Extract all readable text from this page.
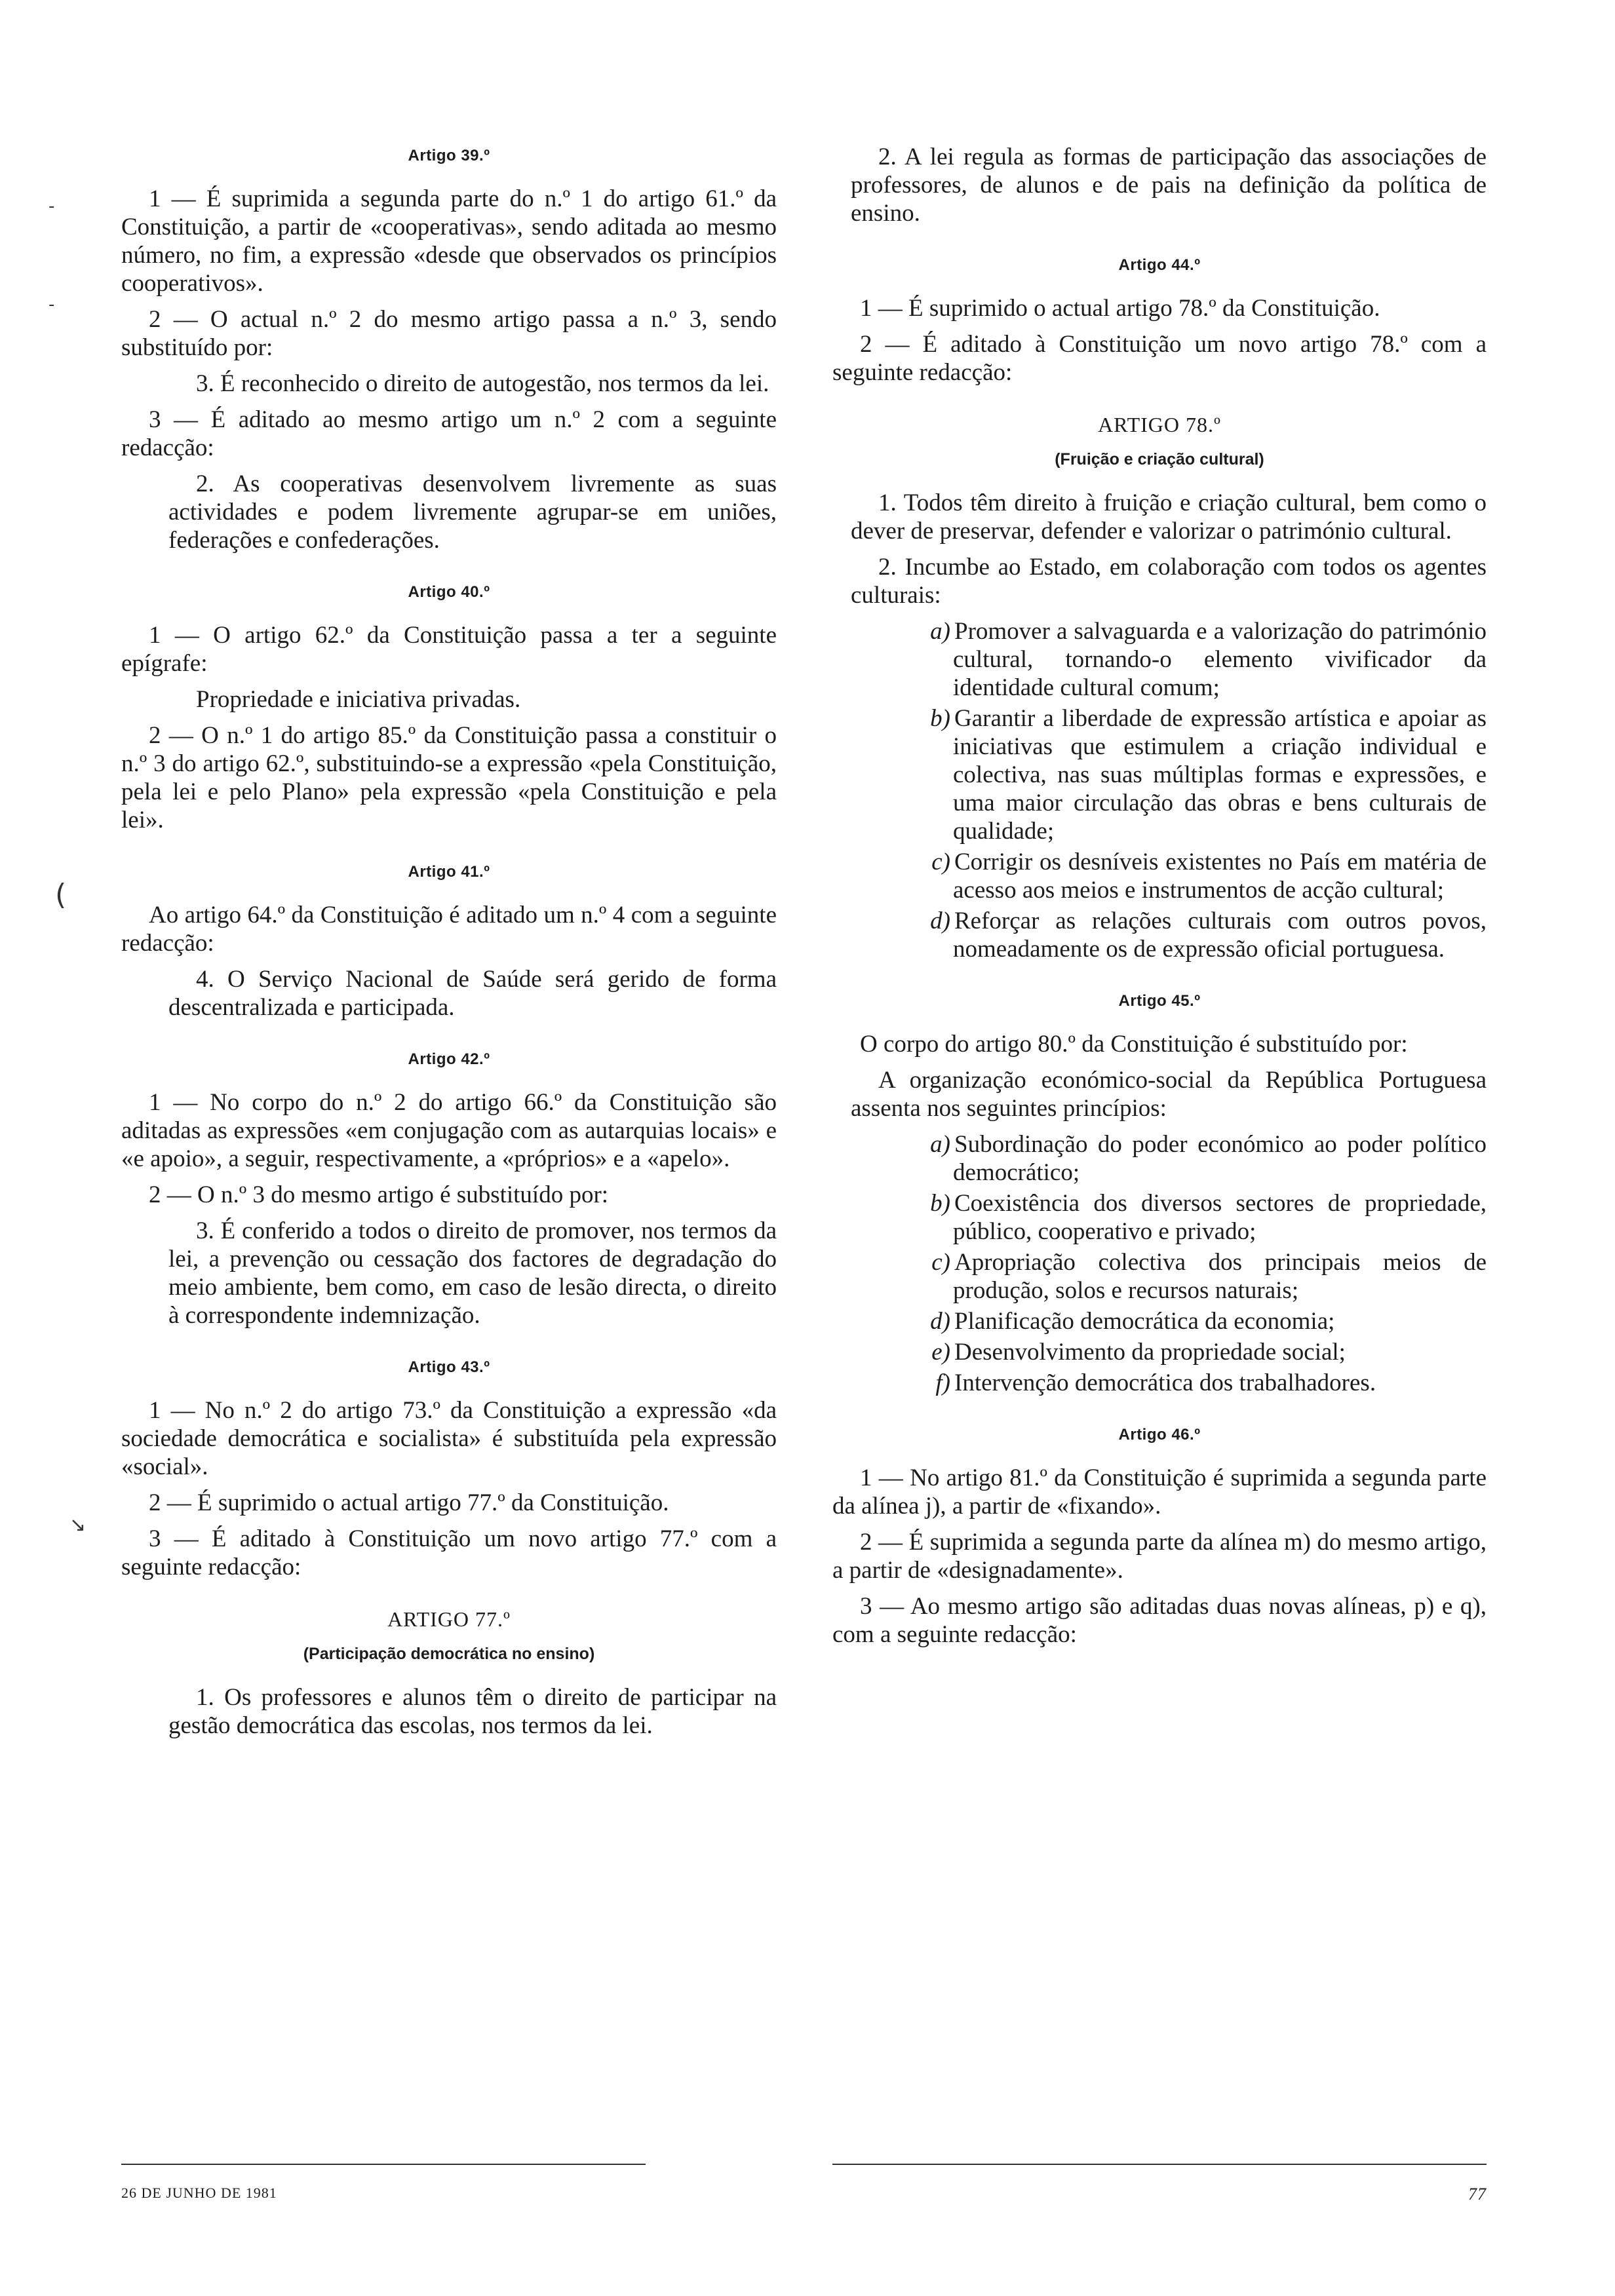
Artigo 39.º

1 — É suprimida a segunda parte do n.º 1 do artigo 61.º da Constituição, a partir de «cooperativas», sendo aditada ao mesmo número, no fim, a expressão «desde que observados os princípios cooperativos».

2 — O actual n.º 2 do mesmo artigo passa a n.º 3, sendo substituído por:

3. É reconhecido o direito de autogestão, nos termos da lei.

3 — É aditado ao mesmo artigo um n.º 2 com a seguinte redacção:

2. As cooperativas desenvolvem livremente as suas actividades e podem livremente agrupar-se em uniões, federações e confederações.

Artigo 40.º

1 — O artigo 62.º da Constituição passa a ter a seguinte epígrafe:

Propriedade e iniciativa privadas.

2 — O n.º 1 do artigo 85.º da Constituição passa a constituir o n.º 3 do artigo 62.º, substituindo-se a expressão «pela Constituição, pela lei e pelo Plano» pela expressão «pela Constituição e pela lei».

Artigo 41.º

Ao artigo 64.º da Constituição é aditado um n.º 4 com a seguinte redacção:

4. O Serviço Nacional de Saúde será gerido de forma descentralizada e participada.

Artigo 42.º

1 — No corpo do n.º 2 do artigo 66.º da Constituição são aditadas as expressões «em conjugação com as autarquias locais» e «e apoio», a seguir, respectivamente, a «próprios» e a «apelo».

2 — O n.º 3 do mesmo artigo é substituído por:

3. É conferido a todos o direito de promover, nos termos da lei, a prevenção ou cessação dos factores de degradação do meio ambiente, bem como, em caso de lesão directa, o direito à correspondente indemnização.

Artigo 43.º

1 — No n.º 2 do artigo 73.º da Constituição a expressão «da sociedade democrática e socialista» é substituída pela expressão «social».

2 — É suprimido o actual artigo 77.º da Constituição.

3 — É aditado à Constituição um novo artigo 77.º com a seguinte redacção:

ARTIGO 77.º
(Participação democrática no ensino)

1. Os professores e alunos têm o direito de participar na gestão democrática das escolas, nos termos da lei.

2. A lei regula as formas de participação das associações de professores, de alunos e de pais na definição da política de ensino.

Artigo 44.º

1 — É suprimido o actual artigo 78.º da Constituição.

2 — É aditado à Constituição um novo artigo 78.º com a seguinte redacção:

ARTIGO 78.º
(Fruição e criação cultural)

1. Todos têm direito à fruição e criação cultural, bem como o dever de preservar, defender e valorizar o património cultural.

2. Incumbe ao Estado, em colaboração com todos os agentes culturais:

a) Promover a salvaguarda e a valorização do património cultural, tornando-o elemento vivificador da identidade cultural comum;

b) Garantir a liberdade de expressão artística e apoiar as iniciativas que estimulem a criação individual e colectiva, nas suas múltiplas formas e expressões, e uma maior circulação das obras e bens culturais de qualidade;

c) Corrigir os desníveis existentes no País em matéria de acesso aos meios e instrumentos de acção cultural;

d) Reforçar as relações culturais com outros povos, nomeadamente os de expressão oficial portuguesa.

Artigo 45.º

O corpo do artigo 80.º da Constituição é substituído por:

A organização económico-social da República Portuguesa assenta nos seguintes princípios:

a) Subordinação do poder económico ao poder político democrático;

b) Coexistência dos diversos sectores de propriedade, público, cooperativo e privado;

c) Apropriação colectiva dos principais meios de produção, solos e recursos naturais;

d) Planificação democrática da economia;

e) Desenvolvimento da propriedade social;

f) Intervenção democrática dos trabalhadores.

Artigo 46.º

1 — No artigo 81.º da Constituição é suprimida a segunda parte da alínea j), a partir de «fixando».

2 — É suprimida a segunda parte da alínea m) do mesmo artigo, a partir de «designadamente».

3 — Ao mesmo artigo são aditadas duas novas alíneas, p) e q), com a seguinte redacção:

-
-
(
↘
26 DE JUNHO DE 1981	77
